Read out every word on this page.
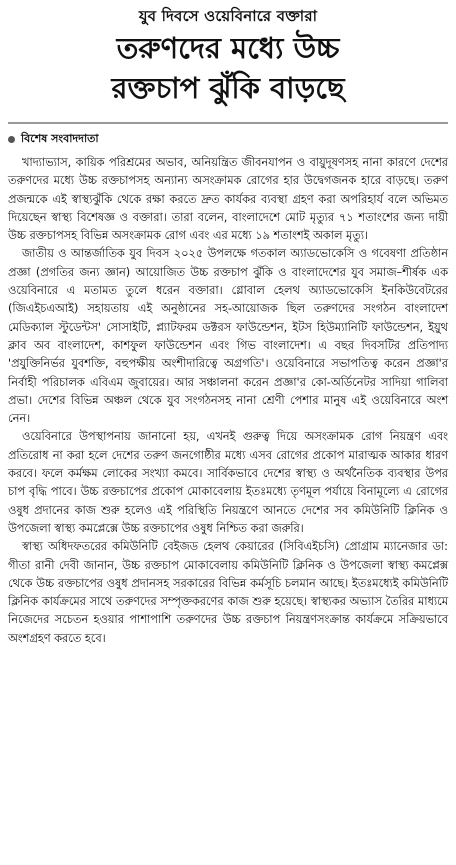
যুব দিবসে ওয়েবিনারে বক্তারা
তরুণদের মধ্যে উচ্চ
রক্তচাপ ঝুঁকি বাড়ছে
বিশেষ সংবাদদাতা

খাদ্যাভ্যাস, কায়িক পরিশ্রমের অভাব, অনিয়ন্ত্রিত জীবনযাপন ও বায়ুদূষণসহ নানা কারণে দেশের তরুণদের মধ্যে উচ্চ রক্তচাপসহ অন্যান্য অসংক্রামক রোগের হার উদ্বেগজনক হারে বাড়ছে। তরুণ প্রজন্মকে এই স্বাস্থ্যঝুঁকি থেকে রক্ষা করতে দ্রুত কার্যকর ব্যবস্থা গ্রহণ করা অপরিহার্য বলে অভিমত দিয়েছেন স্বাস্থ্য বিশেষজ্ঞ ও বক্তারা। তারা বলেন, বাংলাদেশে মোট মৃত্যুর ৭১ শতাংশের জন্য দায়ী উচ্চ রক্তচাপসহ বিভিন্ন অসংক্রামক রোগ এবং এর মধ্যে ১৯ শতাংশই অকাল মৃত্যু।

জাতীয় ও আন্তর্জাতিক যুব দিবস ২০২৫ উপলক্ষে গতকাল অ্যাডভোকেসি ও গবেষণা প্রতিষ্ঠান প্রজ্ঞা (প্রগতির জন্য জ্ঞান) আয়োজিত উচ্চ রক্তচাপ ঝুঁকি ও বাংলাদেশের যুব সমাজ–শীর্ষক এক ওয়েবিনারে এ মতামত তুলে ধরেন বক্তারা। গ্লোবাল হেলথ অ্যাডভোকেসি ইনকিউবেটরের (জিএইচএআই) সহায়তায় এই অনুষ্ঠানের সহ-আয়োজক ছিল তরুণদের সংগঠন বাংলাদেশ মেডিক্যাল স্টুডেন্টস' সোসাইটি, প্ল্যাটফরম ডক্টরস ফাউন্ডেশন, ইটস হিউম্যানিটি ফাউন্ডেশন, ইয়ুথ ক্লাব অব বাংলাদেশ, কাশফুল ফাউন্ডেশন এবং গিভ বাংলাদেশ। এ বছর দিবসটির প্রতিপাদ্য 'প্রযুক্তিনির্ভর যুবশক্তি, বহুপক্ষীয় অংশীদারিত্বে অগ্রগতি'। ওয়েবিনারে সভাপতিত্ব করেন প্রজ্ঞা'র নির্বাহী পরিচালক এবিএম জুবায়ের। আর সঞ্চালনা করেন প্রজ্ঞা'র কো-অর্ডিনেটর সাদিয়া গালিবা প্রভা। দেশের বিভিন্ন অঞ্চল থেকে যুব সংগঠনসহ নানা শ্রেণী পেশার মানুষ এই ওয়েবিনারে অংশ নেন।

ওয়েবিনারে উপস্থাপনায় জানানো হয়, এখনই গুরুত্ব দিয়ে অসংক্রামক রোগ নিয়ন্ত্রণ এবং প্রতিরোধ না করা হলে দেশের তরুণ জনগোষ্ঠীর মধ্যে এসব রোগের প্রকোপ মারাত্মক আকার ধারণ করবে। ফলে কর্মক্ষম লোকের সংখ্যা কমবে। সার্বিকভাবে দেশের স্বাস্থ্য ও অর্থনৈতিক ব্যবস্থার উপর চাপ বৃদ্ধি পাবে। উচ্চ রক্তচাপের প্রকোপ মোকাবেলায় ইতঃমধ্যে তৃণমূল পর্যায়ে বিনামূল্যে এ রোগের ওষুধ প্রদানের কাজ শুরু হলেও এই পরিস্থিতি নিয়ন্ত্রণে আনতে দেশের সব কমিউনিটি ক্লিনিক ও উপজেলা স্বাস্থ্য কমপ্লেক্সে উচ্চ রক্তচাপের ওষুধ নিশ্চিত করা জরুরি।

স্বাস্থ্য অধিদফতরের কমিউনিটি বেইজড হেলথ কেয়ারের (সিবিএইচসি) প্রোগ্রাম ম্যানেজার ডা: গীতা রানী দেবী জানান, উচ্চ রক্তচাপ মোকাবেলায় কমিউনিটি ক্লিনিক ও উপজেলা স্বাস্থ্য কমপ্লেক্স থেকে উচ্চ রক্তচাপের ওষুধ প্রদানসহ সরকারের বিভিন্ন কর্মসূচি চলমান আছে। ইতঃমধ্যেই কমিউনিটি ক্লিনিক কার্যক্রমের সাথে তরুণদের সম্পৃক্তকরণের কাজ শুরু হয়েছে। স্বাস্থ্যকর অভ্যাস তৈরির মাধ্যমে নিজেদের সচেতন হওয়ার পাশাপাশি তরুণদের উচ্চ রক্তচাপ নিয়ন্ত্রণসংক্রান্ত কার্যক্রমে সক্রিয়ভাবে অংশগ্রহণ করতে হবে।
